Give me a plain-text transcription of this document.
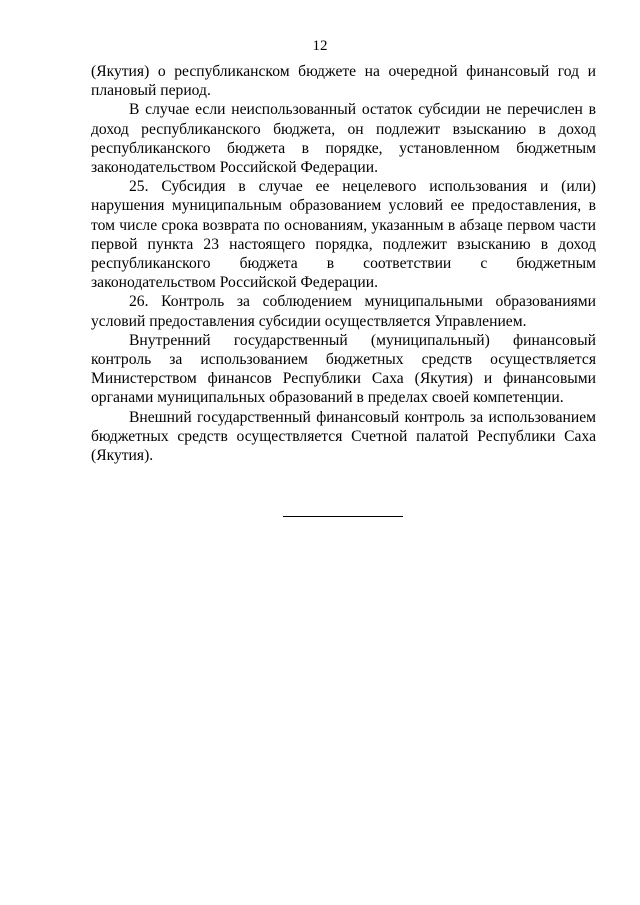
12

(Якутия) о республиканском бюджете на очередной финансовый год и плановый период.

В случае если неиспользованный остаток субсидии не перечислен в доход республиканского бюджета, он подлежит взысканию в доход республиканского бюджета в порядке, установленном бюджетным законодательством Российской Федерации.

25. Субсидия в случае ее нецелевого использования и (или) нарушения муниципальным образованием условий ее предоставления, в том числе срока возврата по основаниям, указанным в абзаце первом части первой пункта 23 настоящего порядка, подлежит взысканию в доход республиканского бюджета в соответствии с бюджетным законодательством Российской Федерации.

26. Контроль за соблюдением муниципальными образованиями условий предоставления субсидии осуществляется Управлением.

Внутренний государственный (муниципальный) финансовый контроль за использованием бюджетных средств осуществляется Министерством финансов Республики Саха (Якутия) и финансовыми органами муниципальных образований в пределах своей компетенции.

Внешний государственный финансовый контроль за использованием бюджетных средств осуществляется Счетной палатой Республики Саха (Якутия).
